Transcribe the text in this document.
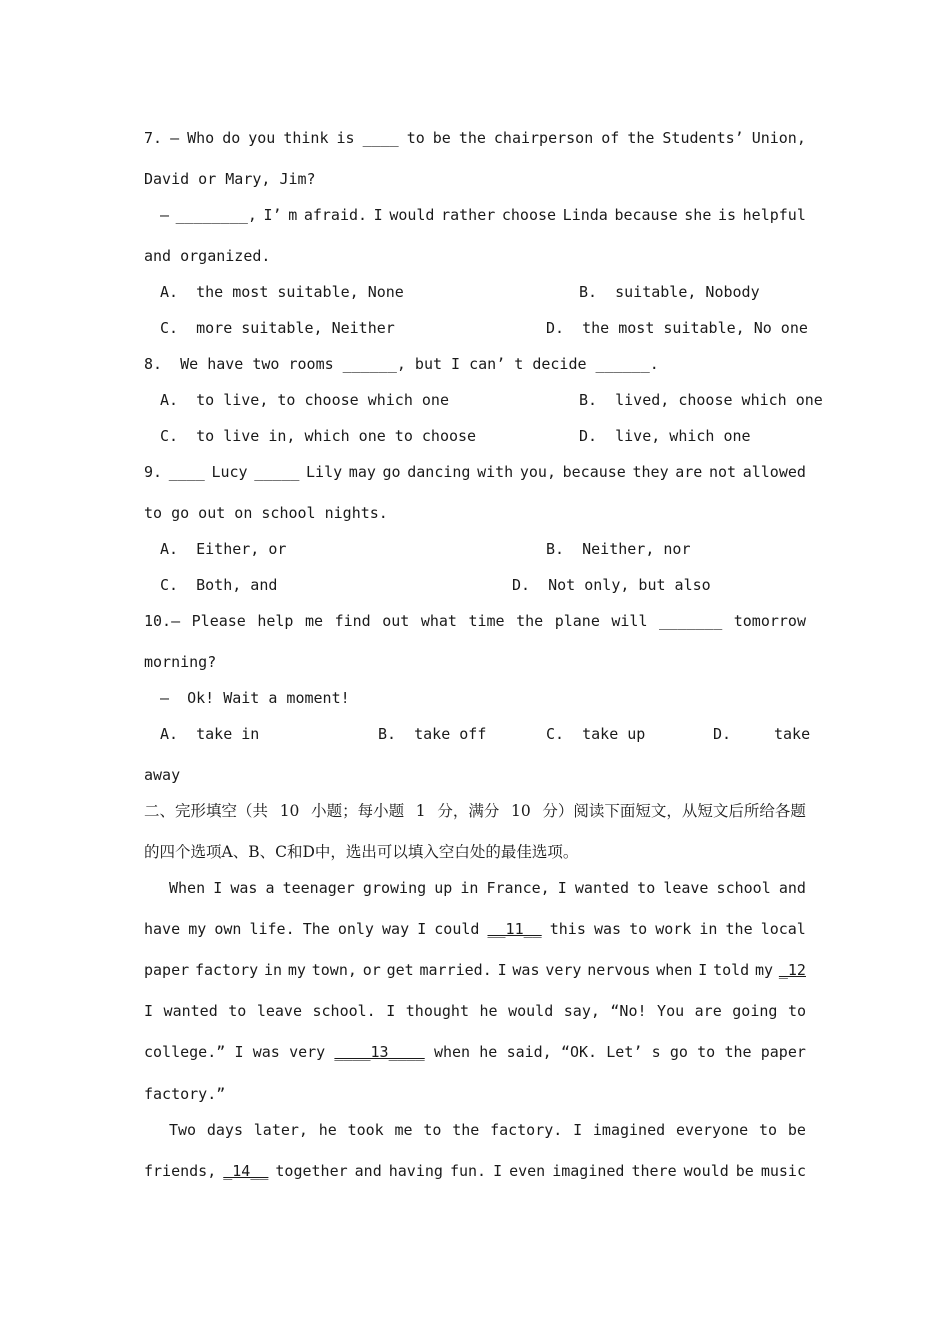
7. — Who do you think is ____ to be the chairperson of the Students’ Union,
David or Mary, Jim?
— ________, I’ m afraid. I would rather choose Linda because she is helpful
and organized.
A.  the most suitable, None	B.  suitable, Nobody
C.  more suitable, Neither	D.  the most suitable, No one
8.  We have two rooms ______, but I can’ t decide ______.
A.  to live, to choose which one	B.  lived, choose which one
C.  to live in, which one to choose	D.  live, which one
9. ____ Lucy _____ Lily may go dancing with you, because they are not allowed
to go out on school nights.
A.  Either, or	B.  Neither, nor
C.  Both, and	D.  Not only, but also
10.— Please help me find out what time the plane will _______ tomorrow
morning?
—  Ok! Wait a moment!
A.  take in	B.  take off	C.  take up	D.	take
away
二、完形填空（共 10 小题；每小题 1 分，满分 10 分）阅读下面短文，从短文后所给各题
的四个选项A、B、C和D中，选出可以填入空白处的最佳选项。
When I was a teenager growing up in France, I wanted to leave school and
have my own life. The only way I could __11__ this was to work in the local
paper factory in my town, or get married. I was very nervous when I told my _12
I wanted to leave school. I thought he would say, “No! You are going to
college.” I was very ____13____ when he said, “OK. Let’ s go to the paper
factory.”
Two days later, he took me to the factory. I imagined everyone to be
friends, _14__ together and having fun. I even imagined there would be music
